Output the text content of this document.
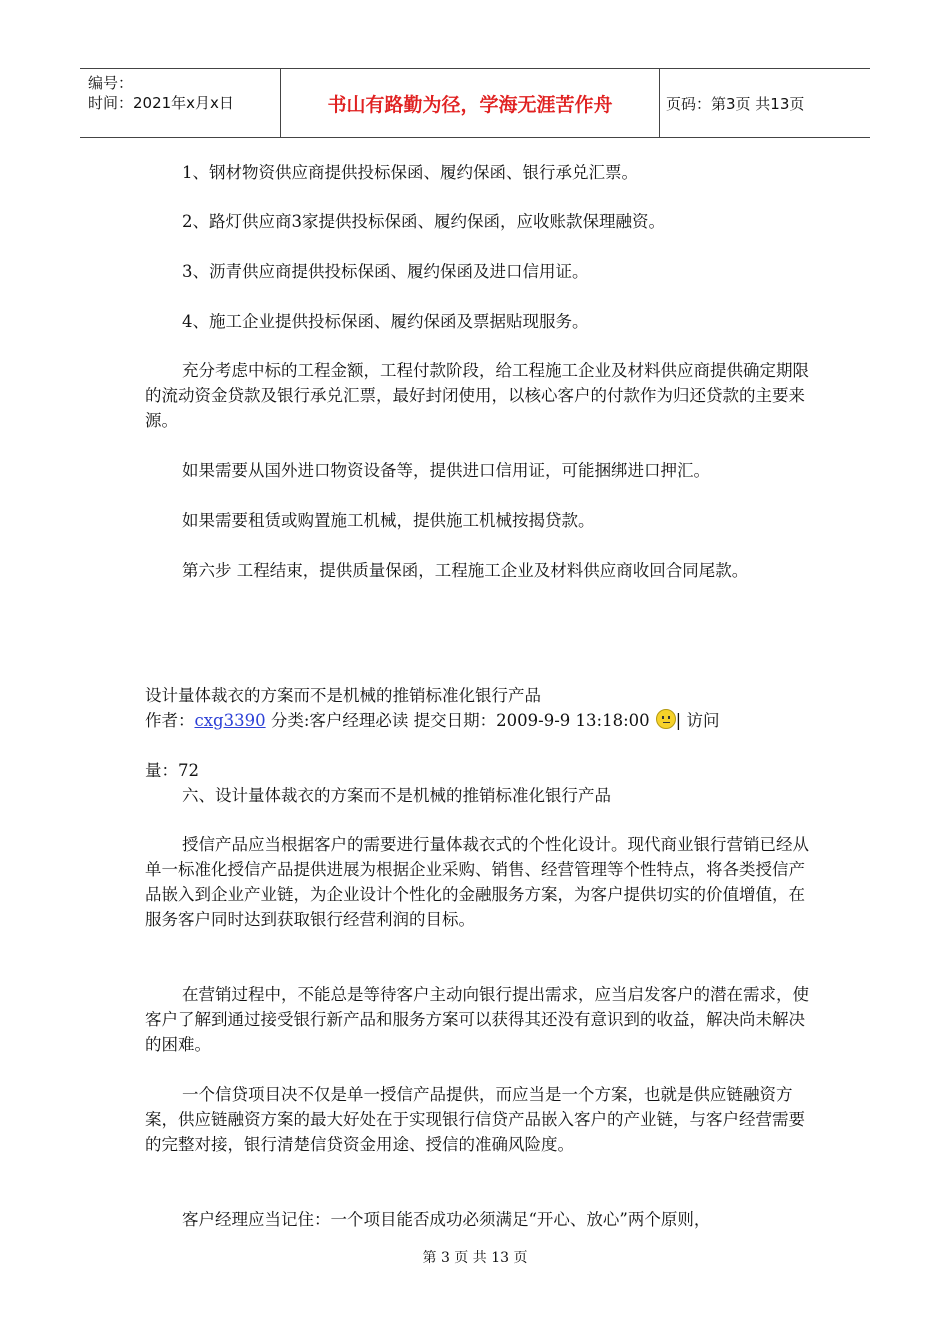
编号：
时间：2021年x月x日	书山有路勤为径，学海无涯苦作舟	页码：第3页 共13页
1、钢材物资供应商提供投标保函、履约保函、银行承兑汇票。
2、路灯供应商3家提供投标保函、履约保函，应收账款保理融资。
3、沥青供应商提供投标保函、履约保函及进口信用证。
4、施工企业提供投标保函、履约保函及票据贴现服务。
充分考虑中标的工程金额，工程付款阶段，给工程施工企业及材料供应商提供确定期限的流动资金贷款及银行承兑汇票，最好封闭使用，以核心客户的付款作为归还贷款的主要来源。
如果需要从国外进口物资设备等，提供进口信用证，可能捆绑进口押汇。
如果需要租赁或购置施工机械，提供施工机械按揭贷款。
第六步 工程结束，提供质量保函，工程施工企业及材料供应商收回合同尾款。
设计量体裁衣的方案而不是机械的推销标准化银行产品
作者：cxg3390 分类:客户经理必读 提交日期：2009-9-9 13:18:00 | 访问
量：72
六、设计量体裁衣的方案而不是机械的推销标准化银行产品
授信产品应当根据客户的需要进行量体裁衣式的个性化设计。现代商业银行营销已经从单一标准化授信产品提供进展为根据企业采购、销售、经营管理等个性特点，将各类授信产品嵌入到企业产业链，为企业设计个性化的金融服务方案，为客户提供切实的价值增值，在服务客户同时达到获取银行经营利润的目标。
在营销过程中，不能总是等待客户主动向银行提出需求，应当启发客户的潜在需求，使客户了解到通过接受银行新产品和服务方案可以获得其还没有意识到的收益，解决尚未解决的困难。
一个信贷项目决不仅是单一授信产品提供，而应当是一个方案，也就是供应链融资方案，供应链融资方案的最大好处在于实现银行信贷产品嵌入客户的产业链，与客户经营需要的完整对接，银行清楚信贷资金用途、授信的准确风险度。
客户经理应当记住：一个项目能否成功必须满足“开心、放心”两个原则，
第 3 页 共 13 页
